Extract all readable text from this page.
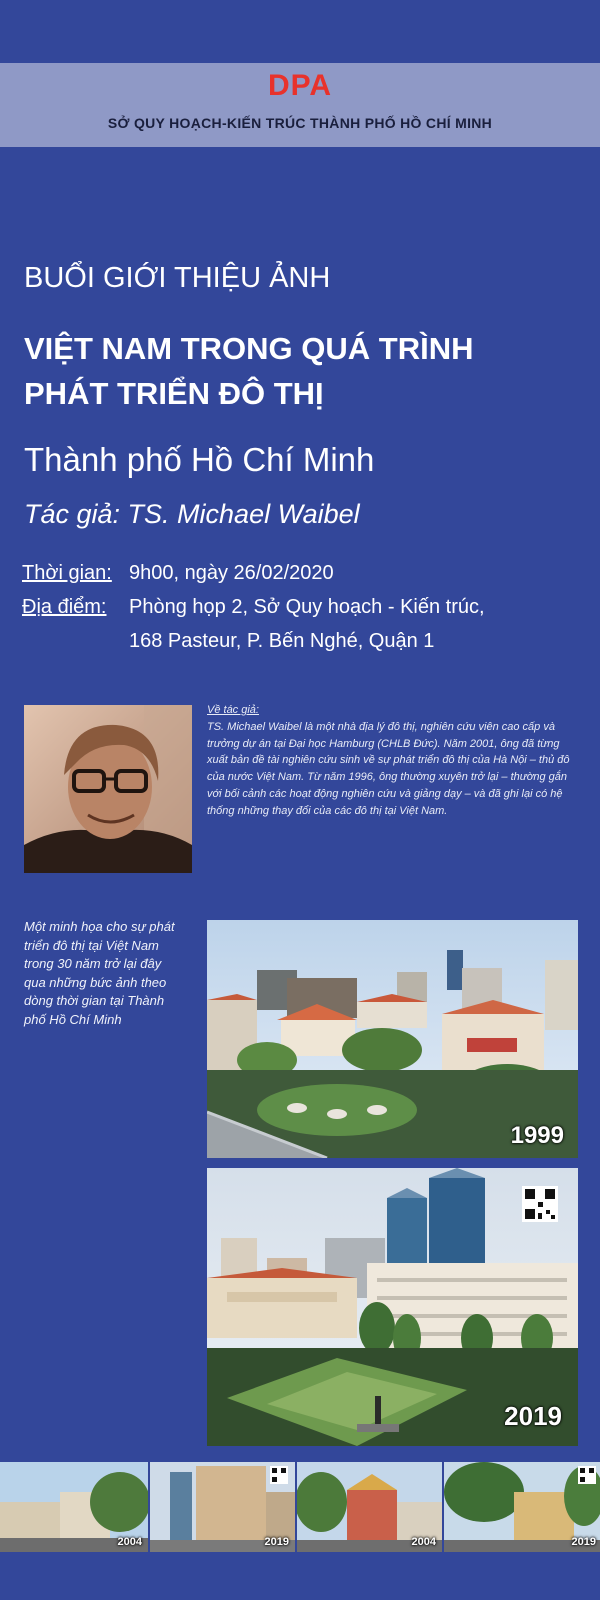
DPA
SỞ QUY HOẠCH-KIẾN TRÚC THÀNH PHỐ HỒ CHÍ MINH
BUỔI GIỚI THIỆU ẢNH
VIỆT NAM TRONG QUÁ TRÌNH
PHÁT TRIỂN ĐÔ THỊ
Thành phố Hồ Chí Minh
Tác giả: TS. Michael Waibel
Thời gian: 9h00, ngày 26/02/2020
Địa điểm: Phòng họp 2, Sở Quy hoạch - Kiến trúc,
168 Pasteur, P. Bến Nghé, Quận 1
Về tác giả:
TS. Michael Waibel là một nhà địa lý đô thị, nghiên cứu viên cao cấp và trưởng dự án tại Đại học Hamburg (CHLB Đức). Năm 2001, ông đã từng xuất bản đề tài nghiên cứu sinh về sự phát triển đô thị của Hà Nội – thủ đô của nước Việt Nam. Từ năm 1996, ông thường xuyên trở lại – thường gắn với bối cảnh các hoạt động nghiên cứu và giảng dạy – và đã ghi lại có hệ thống những thay đổi của các đô thị tại Việt Nam.
Một minh họa cho sự phát triển đô thị tại Việt Nam trong 30 năm trở lại đây qua những bức ảnh theo dòng thời gian tại Thành phố Hồ Chí Minh
1999
2019
2004	2019	2004	2019
